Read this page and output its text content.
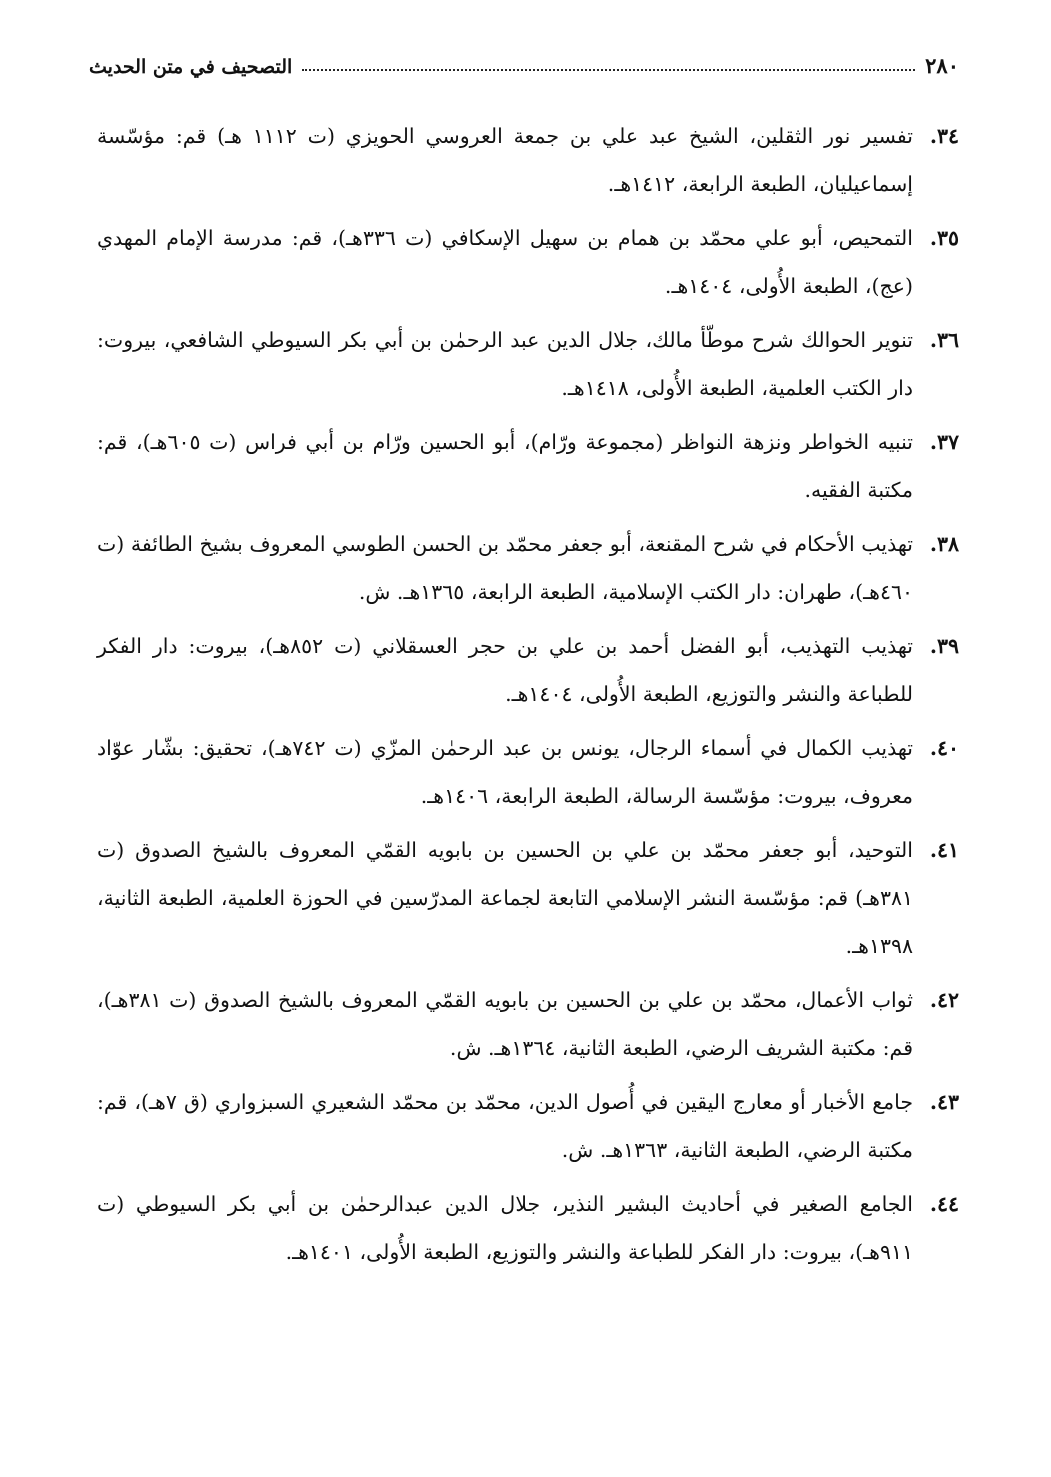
٢٨٠
التصحيف في متن الحديث
٣٤.
تفسير نور الثقلين، الشيخ عبد علي بن جمعة العروسي الحويزي (ت ١١١٢ هـ) قم: مؤسّسة إسماعيليان، الطبعة الرابعة، ١٤١٢هـ.
٣٥.
التمحيص، أبو علي محمّد بن همام بن سهيل الإسكافي (ت ٣٣٦هـ)، قم: مدرسة الإمام المهدي (عج)، الطبعة الأُولى، ١٤٠٤هـ.
٣٦.
تنوير الحوالك شرح موطّأ مالك، جلال الدين عبد الرحمٰن بن أبي بكر السيوطي الشافعي، بيروت: دار الكتب العلمية، الطبعة الأُولى، ١٤١٨هـ.
٣٧.
تنبيه الخواطر ونزهة النواظر (مجموعة ورّام)، أبو الحسين ورّام بن أبي فراس (ت ٦٠٥هـ)، قم: مكتبة الفقيه.
٣٨.
تهذيب الأحكام في شرح المقنعة، أبو جعفر محمّد بن الحسن الطوسي المعروف بشيخ الطائفة (ت ٤٦٠هـ)، طهران: دار الكتب الإسلامية، الطبعة الرابعة، ١٣٦٥هـ. ش.
٣٩.
تهذيب التهذيب، أبو الفضل أحمد بن علي بن حجر العسقلاني (ت ٨٥٢هـ)، بيروت: دار الفكر للطباعة والنشر والتوزيع، الطبعة الأُولى، ١٤٠٤هـ.
٤٠.
تهذيب الكمال في أسماء الرجال، يونس بن عبد الرحمٰن المزّي (ت ٧٤٢هـ)، تحقيق: بشّار عوّاد معروف، بيروت: مؤسّسة الرسالة، الطبعة الرابعة، ١٤٠٦هـ.
٤١.
التوحيد، أبو جعفر محمّد بن علي بن الحسين بن بابويه القمّي المعروف بالشيخ الصدوق (ت ٣٨١هـ) قم: مؤسّسة النشر الإسلامي التابعة لجماعة المدرّسين في الحوزة العلمية، الطبعة الثانية، ١٣٩٨هـ.
٤٢.
ثواب الأعمال، محمّد بن علي بن الحسين بن بابويه القمّي المعروف بالشيخ الصدوق (ت ٣٨١هـ)، قم: مكتبة الشريف الرضي، الطبعة الثانية، ١٣٦٤هـ. ش.
٤٣.
جامع الأخبار أو معارج اليقين في أُصول الدين، محمّد بن محمّد الشعيري السبزواري (ق ٧هـ)، قم: مكتبة الرضي، الطبعة الثانية، ١٣٦٣هـ. ش.
٤٤.
الجامع الصغير في أحاديث البشير النذير، جلال الدين عبدالرحمٰن بن أبي بكر السيوطي (ت ٩١١هـ)، بيروت: دار الفكر للطباعة والنشر والتوزيع، الطبعة الأُولى، ١٤٠١هـ.
